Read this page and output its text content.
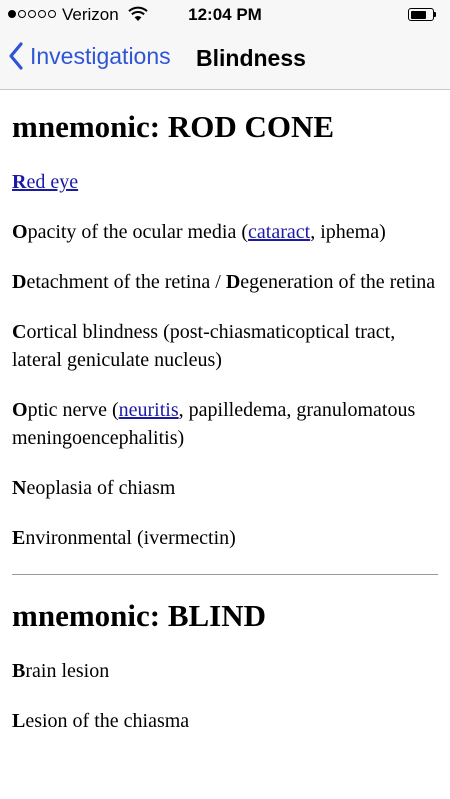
Verizon	12:04 PM
Investigations Blindness
mnemonic: ROD CONE

Red eye

Opacity of the ocular media (cataract, iphema)

Detachment of the retina / Degeneration of the retina

Cortical blindness (post-chiasmaticoptical tract, lateral geniculate nucleus)

Optic nerve (neuritis, papilledema, granulomatous meningoencephalitis)

Neoplasia of chiasm

Environmental (ivermectin)

mnemonic: BLIND

Brain lesion

Lesion of the chiasma
